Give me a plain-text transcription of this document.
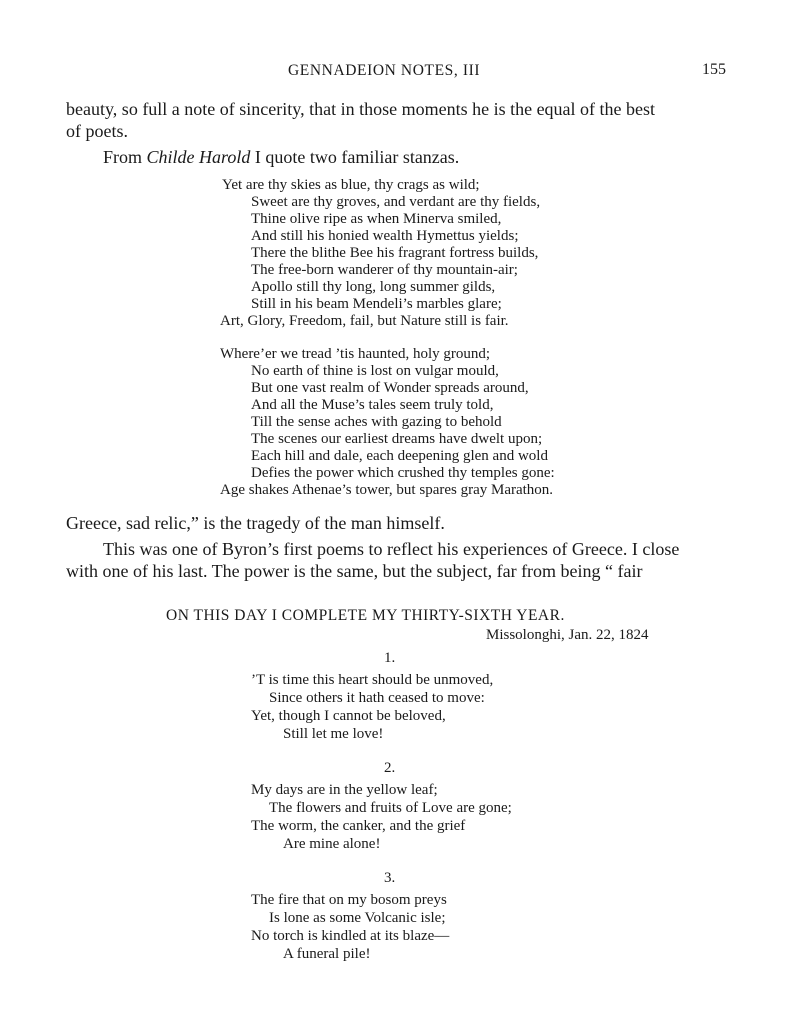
GENNADEION NOTES, III	155
beauty, so full a note of sincerity, that in those moments he is the equal of the best
of poets.
From Childe Harold I quote two familiar stanzas.
Yet are thy skies as blue, thy crags as wild;
Sweet are thy groves, and verdant are thy fields,
Thine olive ripe as when Minerva smiled,
And still his honied wealth Hymettus yields;
There the blithe Bee his fragrant fortress builds,
The free-born wanderer of thy mountain-air;
Apollo still thy long, long summer gilds,
Still in his beam Mendeli’s marbles glare;
Art, Glory, Freedom, fail, but Nature still is fair.
Where’er we tread ’tis haunted, holy ground;
No earth of thine is lost on vulgar mould,
But one vast realm of Wonder spreads around,
And all the Muse’s tales seem truly told,
Till the sense aches with gazing to behold
The scenes our earliest dreams have dwelt upon;
Each hill and dale, each deepening glen and wold
Defies the power which crushed thy temples gone:
Age shakes Athenae’s tower, but spares gray Marathon.
Greece, sad relic,” is the tragedy of the man himself.
This was one of Byron’s first poems to reflect his experiences of Greece. I close
with one of his last. The power is the same, but the subject, far from being “ fair
ON THIS DAY I COMPLETE MY THIRTY-SIXTH YEAR.
Missolonghi, Jan. 22, 1824
1.
’T is time this heart should be unmoved,
Since others it hath ceased to move:
Yet, though I cannot be beloved,
Still let me love!
2.
My days are in the yellow leaf;
The flowers and fruits of Love are gone;
The worm, the canker, and the grief
Are mine alone!
3.
The fire that on my bosom preys
Is lone as some Volcanic isle;
No torch is kindled at its blaze—
A funeral pile!
